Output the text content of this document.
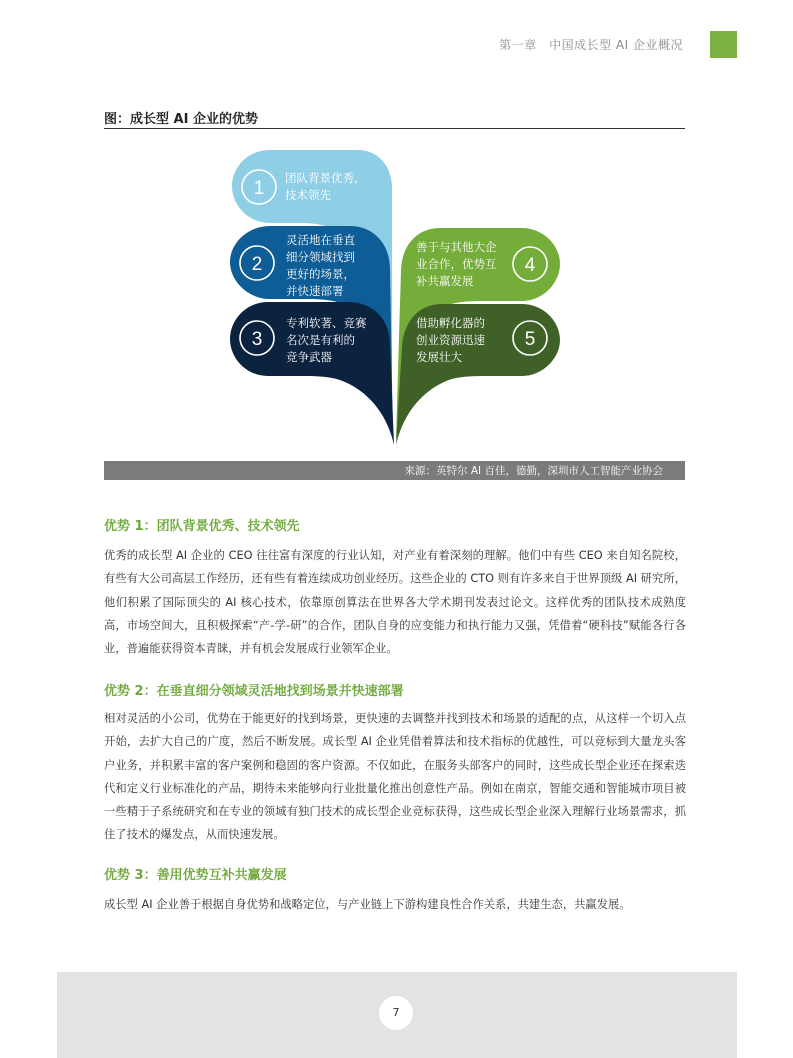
第一章　中国成长型 AI 企业概况
图：成长型 AI 企业的优势
1
2
3
4
5
团队背景优秀，
技术领先
灵活地在垂直
细分领域找到
更好的场景，
并快速部署
专利软著、竞赛
名次是有利的
竞争武器
善于与其他大企
业合作，优势互
补共赢发展
借助孵化器的
创业资源迅速
发展壮大
来源：英特尔 AI 百佳，德勤，深圳市人工智能产业协会
优势 1：团队背景优秀、技术领先
优秀的成长型 AI 企业的 CEO 往往富有深度的行业认知，对产业有着深刻的理解。他们中有些 CEO 来自知名院校，有些有大公司高层工作经历，还有些有着连续成功创业经历。这些企业的 CTO 则有许多来自于世界顶级 AI 研究所，他们积累了国际顶尖的 AI 核心技术，依靠原创算法在世界各大学术期刊发表过论文。这样优秀的团队技术成熟度高，市场空间大，且积极探索“产-学-研”的合作，团队自身的应变能力和执行能力又强，凭借着“硬科技”赋能各行各业，普遍能获得资本青睐，并有机会发展成行业领军企业。
优势 2：在垂直细分领域灵活地找到场景并快速部署
相对灵活的小公司，优势在于能更好的找到场景，更快速的去调整并找到技术和场景的适配的点，从这样一个切入点开始，去扩大自己的广度，然后不断发展。成长型 AI 企业凭借着算法和技术指标的优越性，可以竞标到大量龙头客户业务，并积累丰富的客户案例和稳固的客户资源。不仅如此，在服务头部客户的同时，这些成长型企业还在探索迭代和定义行业标准化的产品，期待未来能够向行业批量化推出创意性产品。例如在南京，智能交通和智能城市项目被一些精于子系统研究和在专业的领域有独门技术的成长型企业竞标获得，这些成长型企业深入理解行业场景需求，抓住了技术的爆发点，从而快速发展。
优势 3：善用优势互补共赢发展
成长型 AI 企业善于根据自身优势和战略定位，与产业链上下游构建良性合作关系，共建生态，共赢发展。
7
